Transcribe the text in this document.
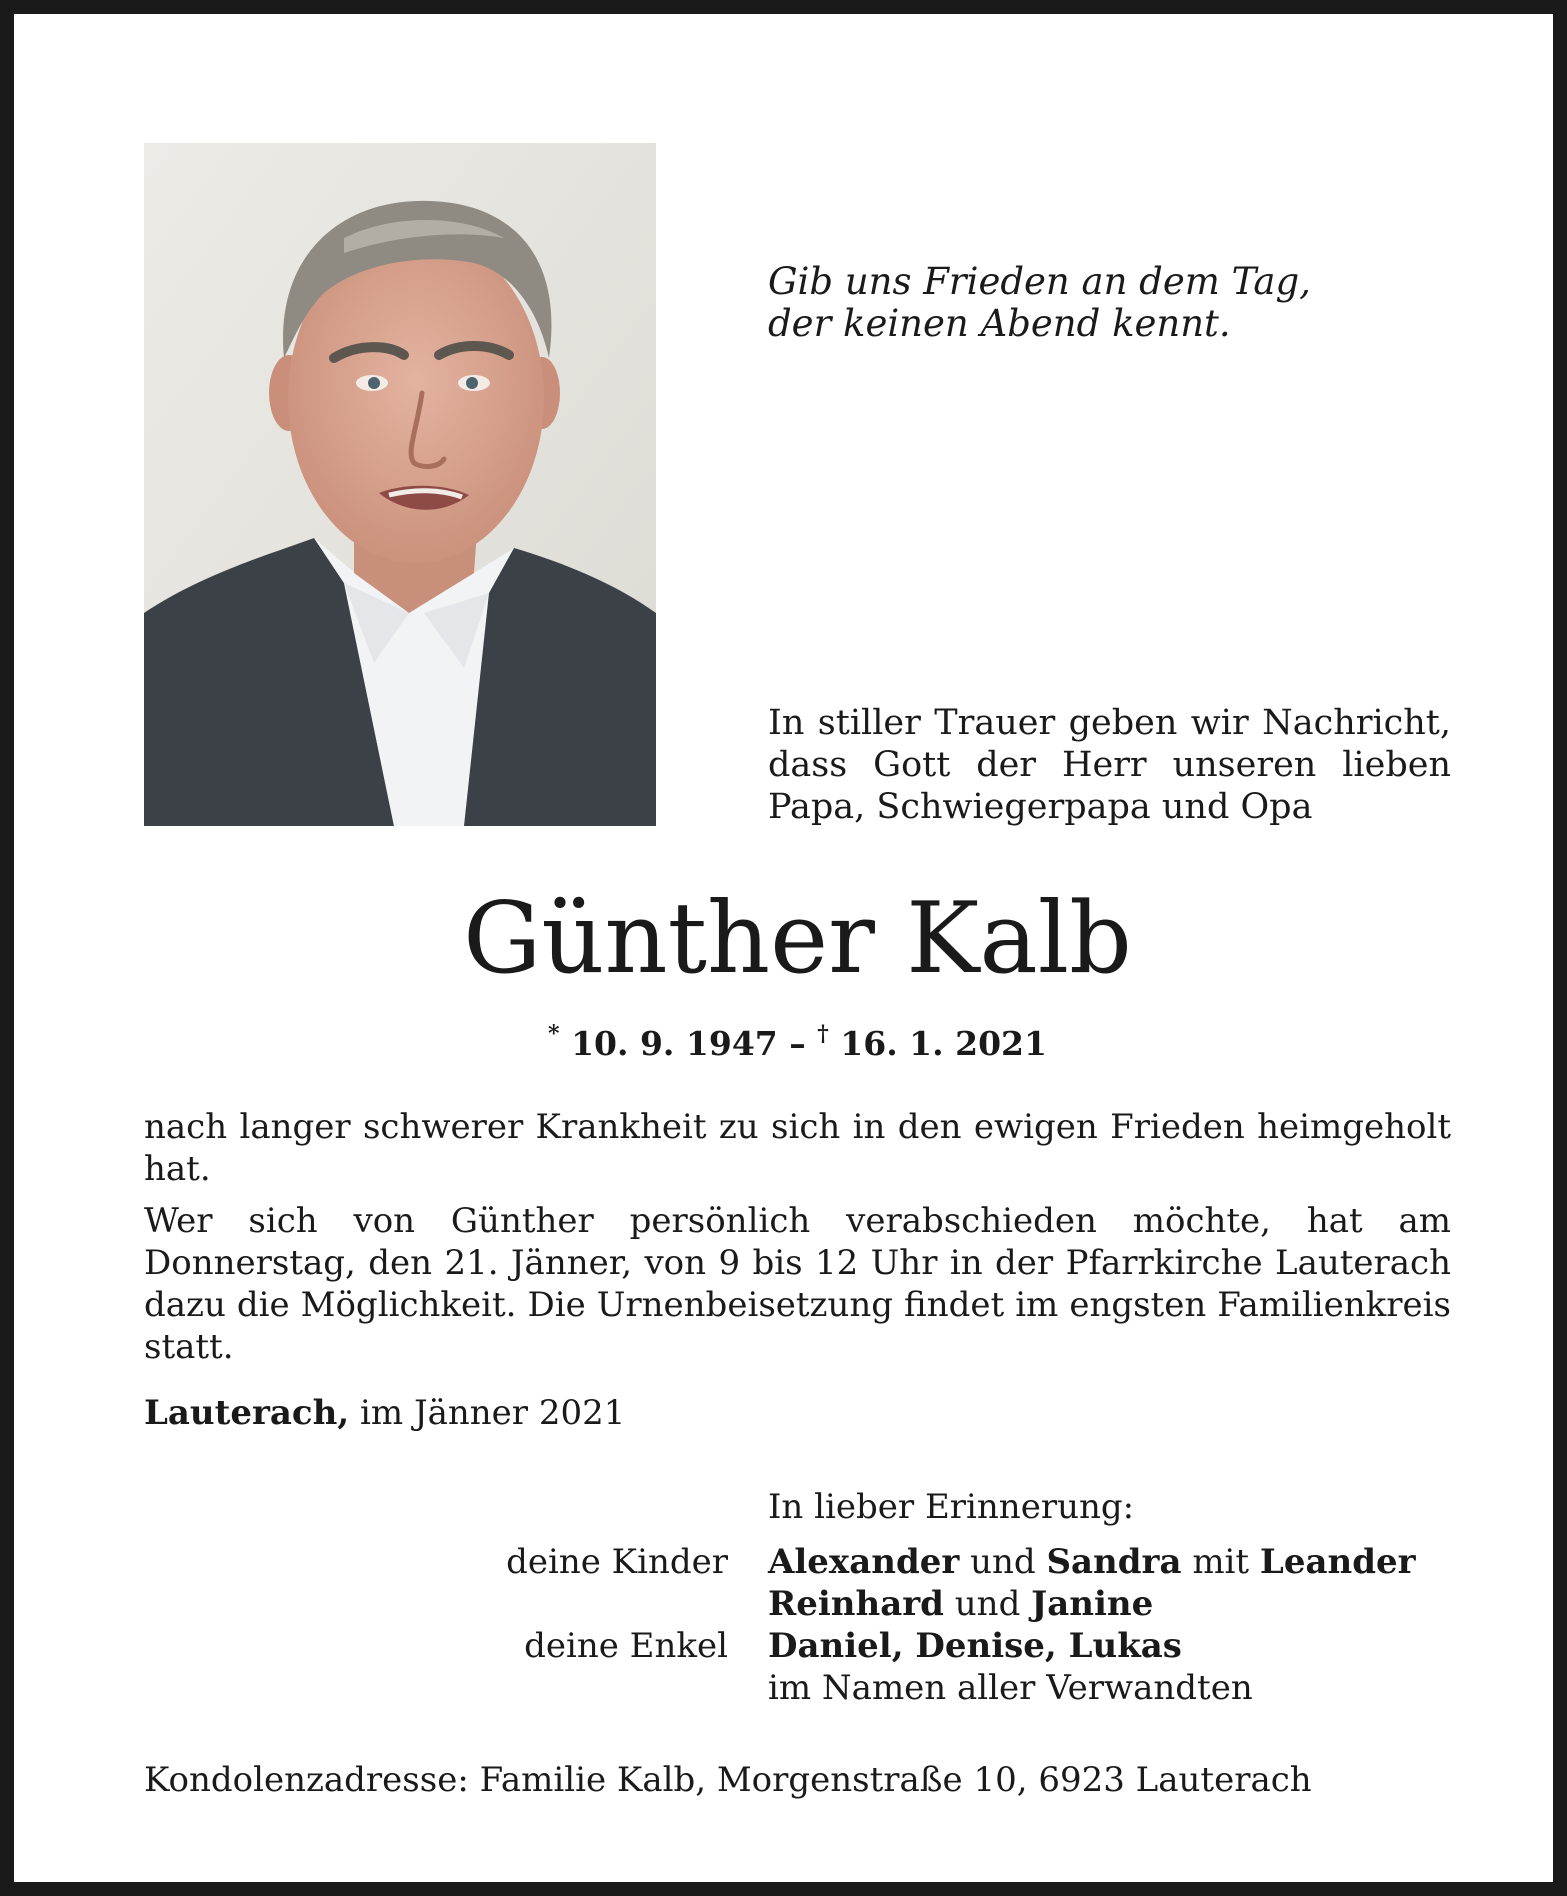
Gib uns Frieden an dem Tag,
der keinen Abend kennt.
In stiller Trauer geben wir Nachricht, dass Gott der Herr unseren lieben Papa, Schwiegerpapa und Opa
Günther Kalb
* 10. 9. 1947 – † 16. 1. 2021

nach langer schwerer Krankheit zu sich in den ewigen Frieden heimgeholt hat.

Wer sich von Günther persönlich verabschieden möchte, hat am Donnerstag, den 21. Jänner, von 9 bis 12 Uhr in der Pfarrkirche Lauterach dazu die Möglichkeit. Die Urnenbeisetzung findet im engsten Familienkreis statt.

Lauterach, im Jänner 2021
In lieber Erinnerung:
deine Kinder
deine Enkel
Alexander und Sandra mit Leander
Reinhard und Janine
Daniel, Denise, Lukas
im Namen aller Verwandten
Kondolenzadresse: Familie Kalb, Morgenstraße 10, 6923 Lauterach
